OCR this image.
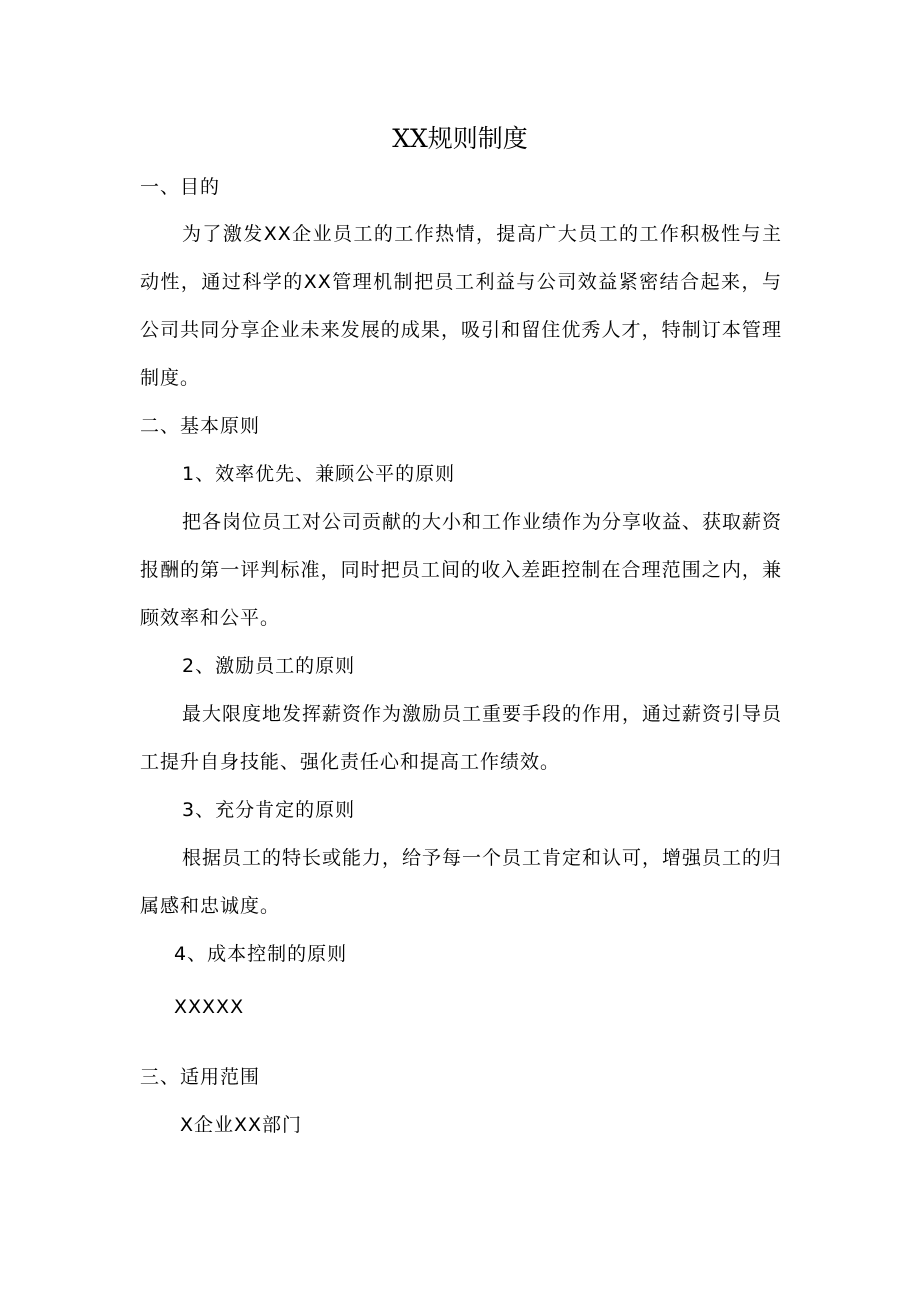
XX规则制度
一、目的
为了激发XX企业员工的工作热情，提高广大员工的工作积极性与主
动性，通过科学的XX管理机制把员工利益与公司效益紧密结合起来，与
公司共同分享企业未来发展的成果，吸引和留住优秀人才，特制订本管理
制度。
二、基本原则
1、效率优先、兼顾公平的原则
把各岗位员工对公司贡献的大小和工作业绩作为分享收益、获取薪资
报酬的第一评判标准，同时把员工间的收入差距控制在合理范围之内，兼
顾效率和公平。
2、激励员工的原则
最大限度地发挥薪资作为激励员工重要手段的作用，通过薪资引导员
工提升自身技能、强化责任心和提高工作绩效。
3、充分肯定的原则
根据员工的特长或能力，给予每一个员工肯定和认可，增强员工的归
属感和忠诚度。
4、成本控制的原则
XXXXX
三、适用范围
X企业XX部门
